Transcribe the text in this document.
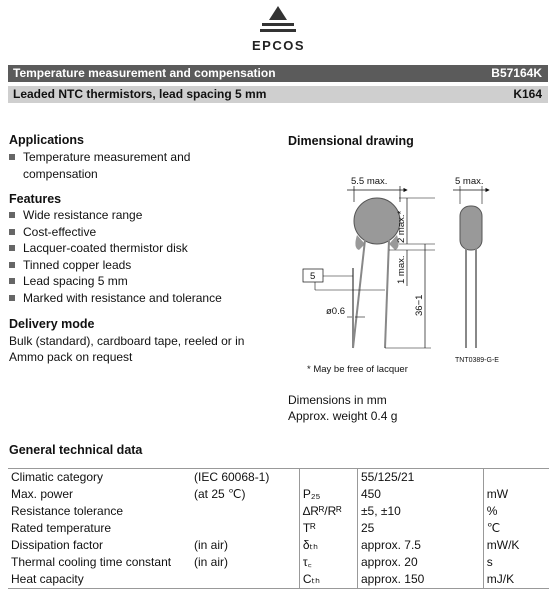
EPCOS
Temperature measurement and compensation	B57164K
Leaded NTC thermistors, lead spacing 5 mm	K164
Applications
Temperature measurement and
compensation
Features
Wide resistance range
Cost-effective
Lacquer-coated thermistor disk
Tinned copper leads
Lead spacing 5 mm
Marked with resistance and tolerance
Delivery mode
Bulk (standard), cardboard tape, reeled or in
Ammo pack on request
Dimensional drawing
5.5 max.
2 max.*
1 max.
36−1
5
ø0.6
5 max.
TNT0389-G-E
* May be free of lacquer
Dimensions in mm
Approx. weight 0.4 g
General technical data
Climatic category	(IEC 60068-1)		55/125/21	
Max. power	(at 25 ℃)	P₂₅	450	mW
Resistance tolerance		∆Rᴿ/Rᴿ	±5, ±10	%
Rated temperature		Tᴿ	25	℃
Dissipation factor	(in air)	δₜₕ	approx. 7.5	mW/K
Thermal cooling time constant	(in air)	τ꜀	approx. 20	s
Heat capacity		Cₜₕ	approx. 150	mJ/K
